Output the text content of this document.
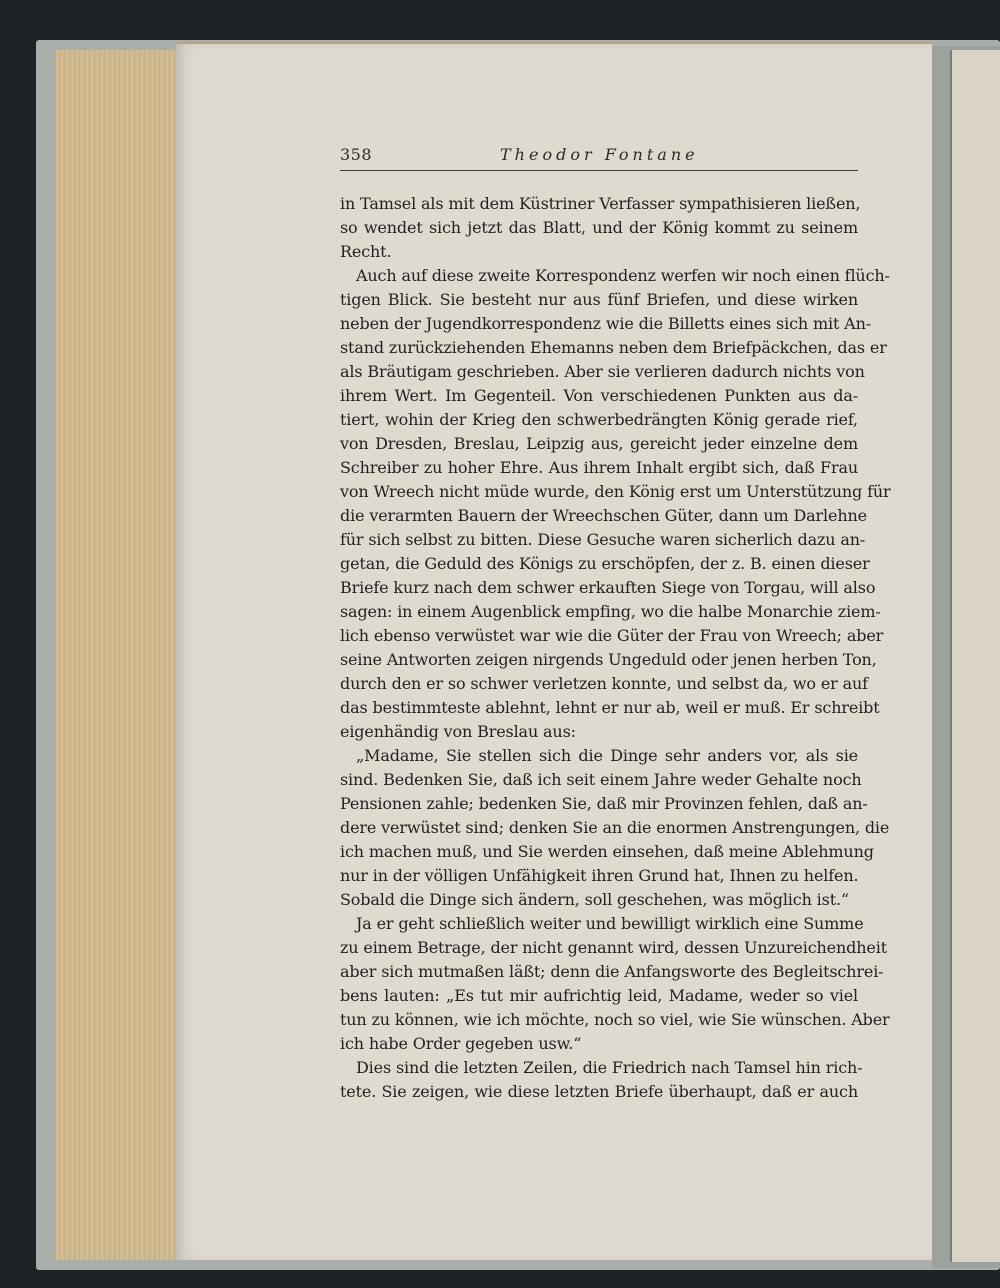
358	Theodor Fontane
in Tamsel als mit dem Küstriner Verfasser sympathisieren ließen,
so wendet sich jetzt das Blatt, und der König kommt zu seinem
Recht.
Auch auf diese zweite Korrespondenz werfen wir noch einen flüch-
tigen Blick. Sie besteht nur aus fünf Briefen, und diese wirken
neben der Jugendkorrespondenz wie die Billetts eines sich mit An-
stand zurückziehenden Ehemanns neben dem Briefpäckchen, das er
als Bräutigam geschrieben. Aber sie verlieren dadurch nichts von
ihrem Wert. Im Gegenteil. Von verschiedenen Punkten aus da-
tiert, wohin der Krieg den schwerbedrängten König gerade rief,
von Dresden, Breslau, Leipzig aus, gereicht jeder einzelne dem
Schreiber zu hoher Ehre. Aus ihrem Inhalt ergibt sich, daß Frau
von Wreech nicht müde wurde, den König erst um Unterstützung für
die verarmten Bauern der Wreechschen Güter, dann um Darlehne
für sich selbst zu bitten. Diese Gesuche waren sicherlich dazu an-
getan, die Geduld des Königs zu erschöpfen, der z. B. einen dieser
Briefe kurz nach dem schwer erkauften Siege von Torgau, will also
sagen: in einem Augenblick empfing, wo die halbe Monarchie ziem-
lich ebenso verwüstet war wie die Güter der Frau von Wreech; aber
seine Antworten zeigen nirgends Ungeduld oder jenen herben Ton,
durch den er so schwer verletzen konnte, und selbst da, wo er auf
das bestimmteste ablehnt, lehnt er nur ab, weil er muß. Er schreibt
eigenhändig von Breslau aus:
„Madame, Sie stellen sich die Dinge sehr anders vor, als sie
sind. Bedenken Sie, daß ich seit einem Jahre weder Gehalte noch
Pensionen zahle; bedenken Sie, daß mir Provinzen fehlen, daß an-
dere verwüstet sind; denken Sie an die enormen Anstrengungen, die
ich machen muß, und Sie werden einsehen, daß meine Ablehmung
nur in der völligen Unfähigkeit ihren Grund hat, Ihnen zu helfen.
Sobald die Dinge sich ändern, soll geschehen, was möglich ist.“
Ja er geht schließlich weiter und bewilligt wirklich eine Summe
zu einem Betrage, der nicht genannt wird, dessen Unzureichendheit
aber sich mutmaßen läßt; denn die Anfangsworte des Begleitschrei-
bens lauten: „Es tut mir aufrichtig leid, Madame, weder so viel
tun zu können, wie ich möchte, noch so viel, wie Sie wünschen. Aber
ich habe Order gegeben usw.“
Dies sind die letzten Zeilen, die Friedrich nach Tamsel hin rich-
tete. Sie zeigen, wie diese letzten Briefe überhaupt, daß er auch
